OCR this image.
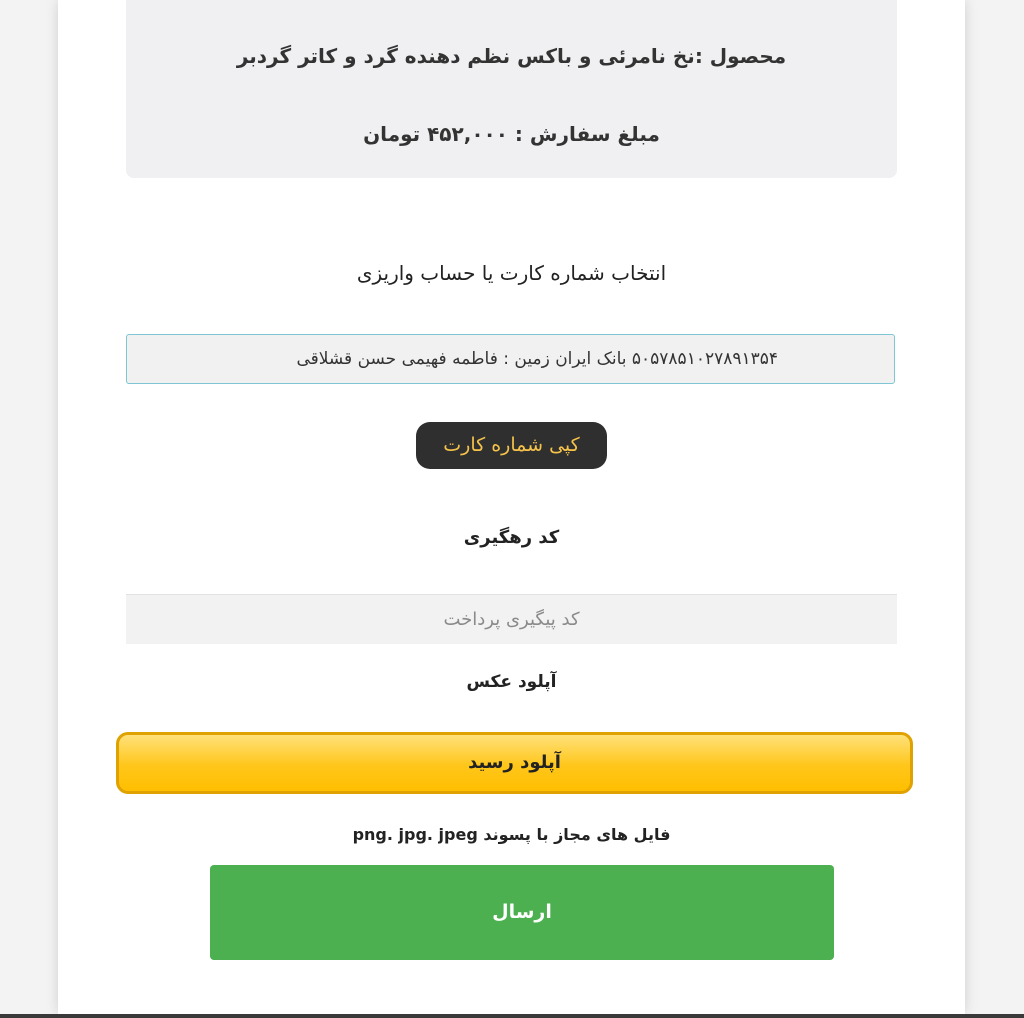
محصول :نخ نامرئی و باکس نظم دهنده گرد و کاتر گردبر
مبلغ سفارش : ۴۵۲,۰۰۰ تومان
انتخاب شماره کارت یا حساب واریزی
۵۰۵۷۸۵۱۰۲۷۸۹۱۳۵۴ بانک ایران زمین : فاطمه فهیمی حسن قشلاقی
کپی شماره کارت
کد رهگیری
کد پیگیری پرداخت
آپلود عکس
آپلود رسید
فایل های مجاز با پسوند png. jpg. jpeg
ارسال
